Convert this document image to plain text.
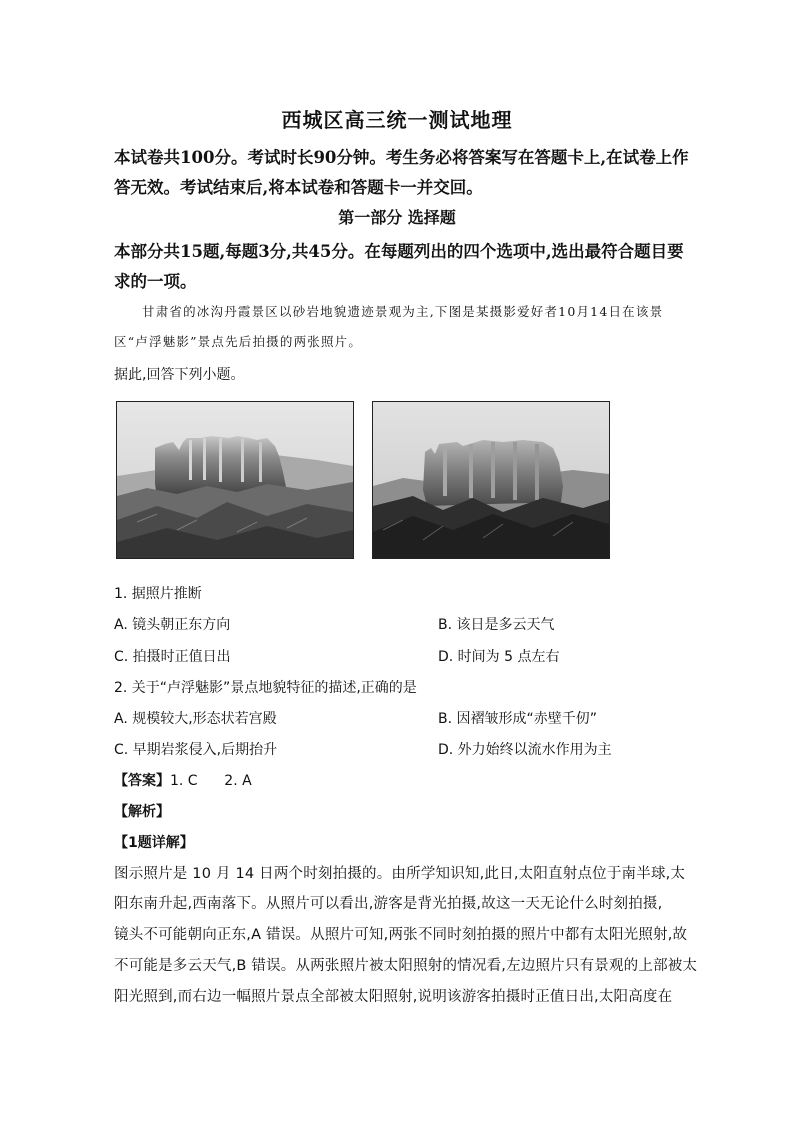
西城区高三统一测试地理
本试卷共100分。考试时长90分钟。考生务必将答案写在答题卡上,在试卷上作
答无效。考试结束后,将本试卷和答题卡一并交回。
第一部分 选择题
本部分共15题,每题3分,共45分。在每题列出的四个选项中,选出最符合题目要
求的一项。
甘肃省的冰沟丹霞景区以砂岩地貌遗迹景观为主,下图是某摄影爱好者10月14日在该景
区“卢浮魅影”景点先后拍摄的两张照片。
据此,回答下列小题。
1. 据照片推断
A. 镜头朝正东方向	B. 该日是多云天气
C. 拍摄时正值日出	D. 时间为 5 点左右
2. 关于“卢浮魅影”景点地貌特征的描述,正确的是
A. 规模较大,形态状若宫殿	B. 因褶皱形成“赤壁千仞”
C. 早期岩浆侵入,后期抬升	D. 外力始终以流水作用为主
【答案】1. C      2. A
【解析】
【1题详解】
图示照片是 10 月 14 日两个时刻拍摄的。由所学知识知,此日,太阳直射点位于南半球,太
阳东南升起,西南落下。从照片可以看出,游客是背光拍摄,故这一天无论什么时刻拍摄,
镜头不可能朝向正东,A 错误。从照片可知,两张不同时刻拍摄的照片中都有太阳光照射,故
不可能是多云天气,B 错误。从两张照片被太阳照射的情况看,左边照片只有景观的上部被太
阳光照到,而右边一幅照片景点全部被太阳照射,说明该游客拍摄时正值日出,太阳高度在
